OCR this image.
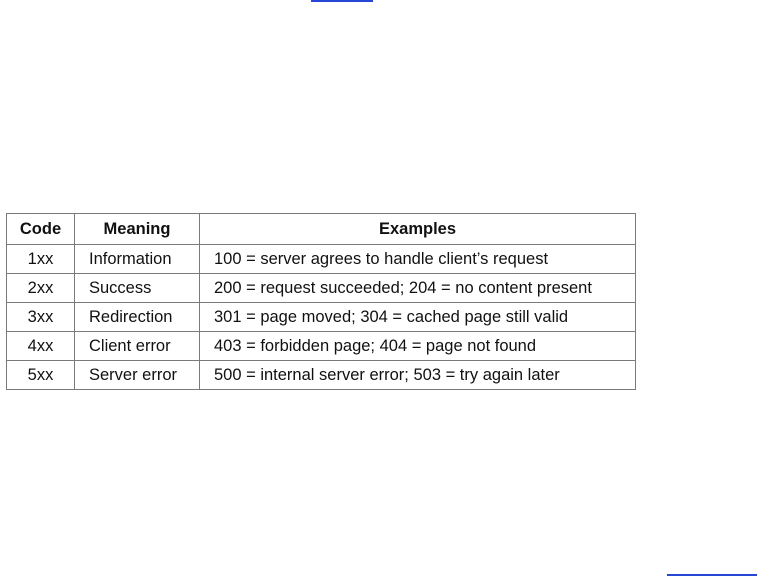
Code	Meaning	Examples
1xx	Information	100 = server agrees to handle client’s request
2xx	Success	200 = request succeeded; 204 = no content present
3xx	Redirection	301 = page moved; 304 = cached page still valid
4xx	Client error	403 = forbidden page; 404 = page not found
5xx	Server error	500 = internal server error; 503 = try again later
